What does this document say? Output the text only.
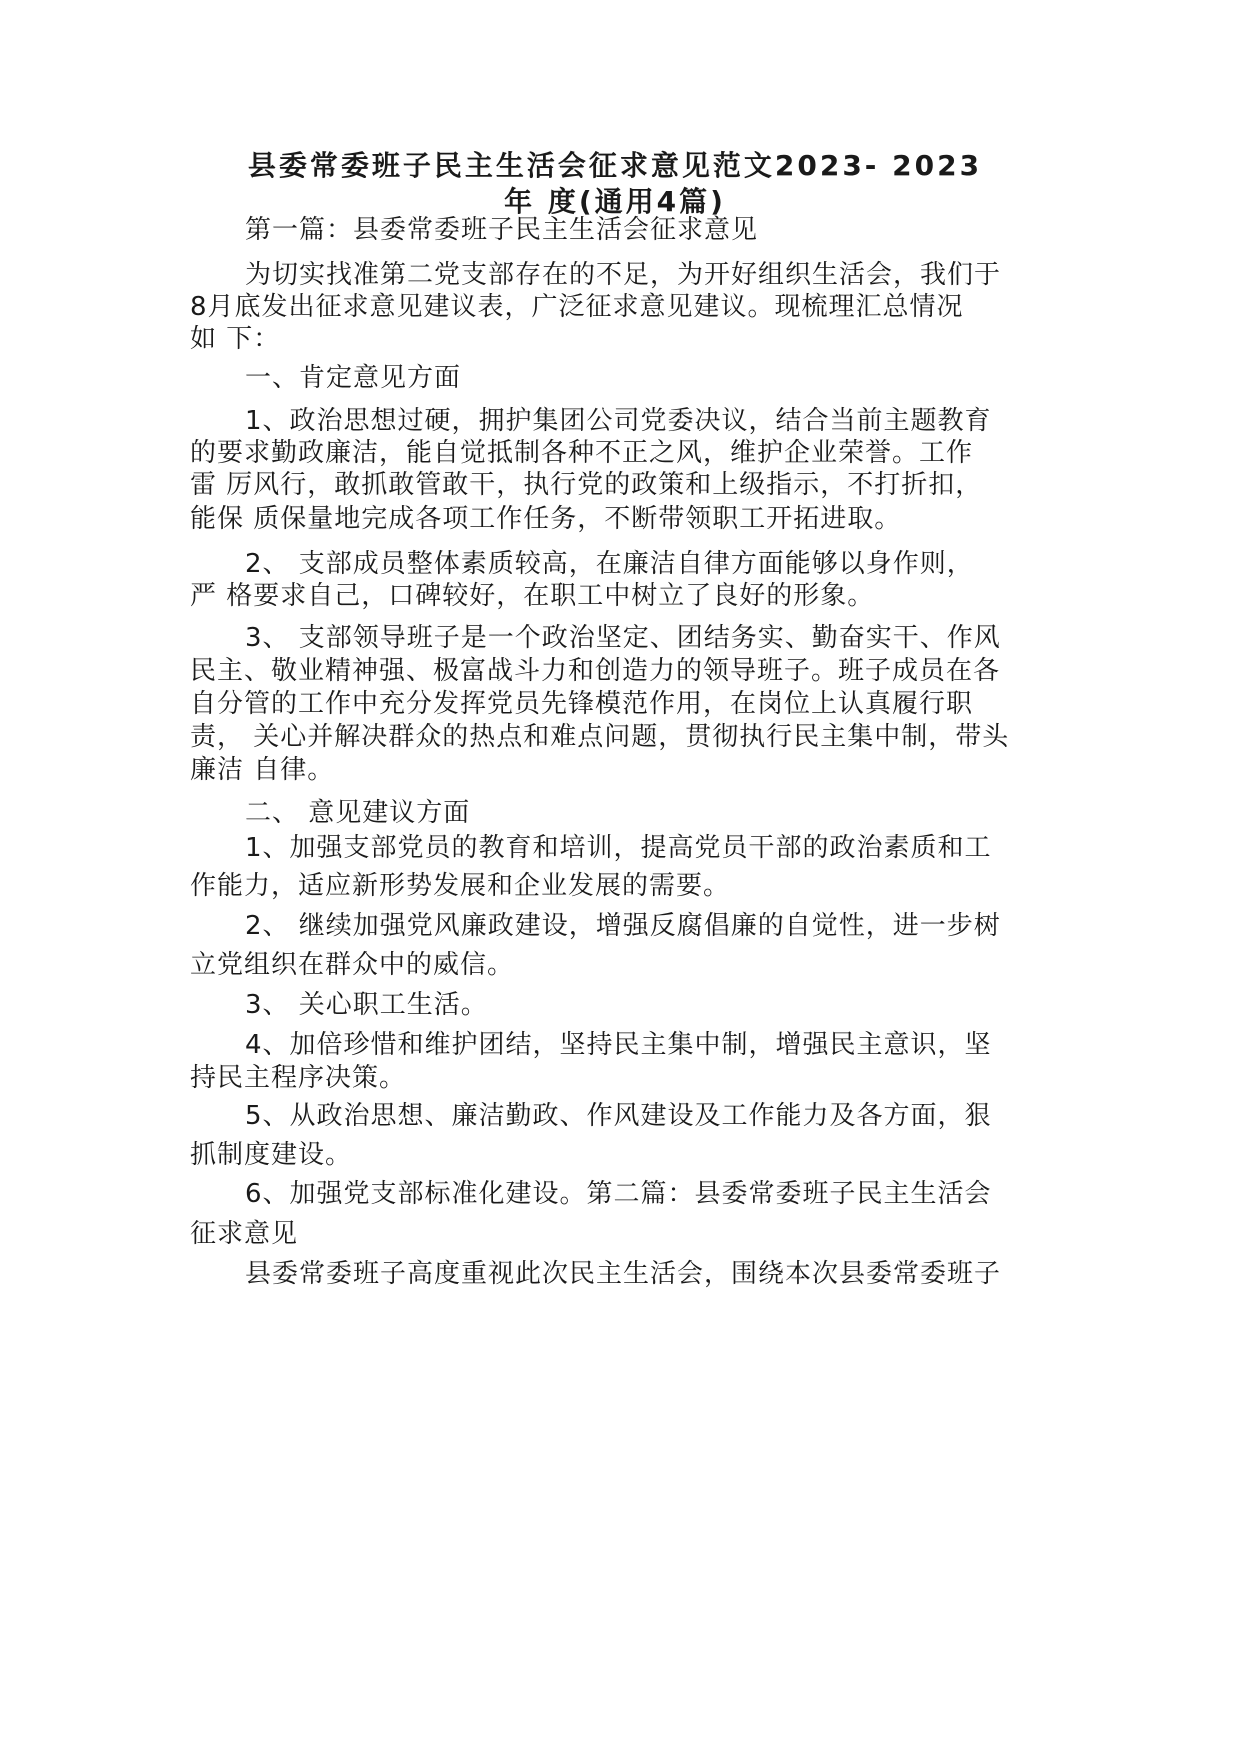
县委常委班子民主生活会征求意见范文2023- 2023
年 度(通用4篇)
第一篇：县委常委班子民主生活会征求意见
为切实找准第二党支部存在的不足，为开好组织生活会，我们于
8月底发出征求意见建议表，广泛征求意见建议。现梳理汇总情况
如 下：
一、肯定意见方面
1、政治思想过硬，拥护集团公司党委决议，结合当前主题教育
的要求勤政廉洁，能自觉抵制各种不正之风，维护企业荣誉。工作
雷 厉风行，敢抓敢管敢干，执行党的政策和上级指示，不打折扣，
能保 质保量地完成各项工作任务，不断带领职工开拓进取。
2、 支部成员整体素质较高，在廉洁自律方面能够以身作则，
严 格要求自己，口碑较好，在职工中树立了良好的形象。
3、 支部领导班子是一个政治坚定、团结务实、勤奋实干、作风
民主、敬业精神强、极富战斗力和创造力的领导班子。班子成员在各
自分管的工作中充分发挥党员先锋模范作用，在岗位上认真履行职
责， 关心并解决群众的热点和难点问题，贯彻执行民主集中制，带头
廉洁 自律。
二、 意见建议方面
1、加强支部党员的教育和培训，提高党员干部的政治素质和工
作能力，适应新形势发展和企业发展的需要。
2、 继续加强党风廉政建设，增强反腐倡廉的自觉性，进一步树
立党组织在群众中的威信。
3、 关心职工生活。
4、加倍珍惜和维护团结，坚持民主集中制，增强民主意识，坚
持民主程序决策。
5、从政治思想、廉洁勤政、作风建设及工作能力及各方面，狠
抓制度建设。
6、加强党支部标准化建设。第二篇：县委常委班子民主生活会
征求意见
县委常委班子高度重视此次民主生活会，围绕本次县委常委班子
